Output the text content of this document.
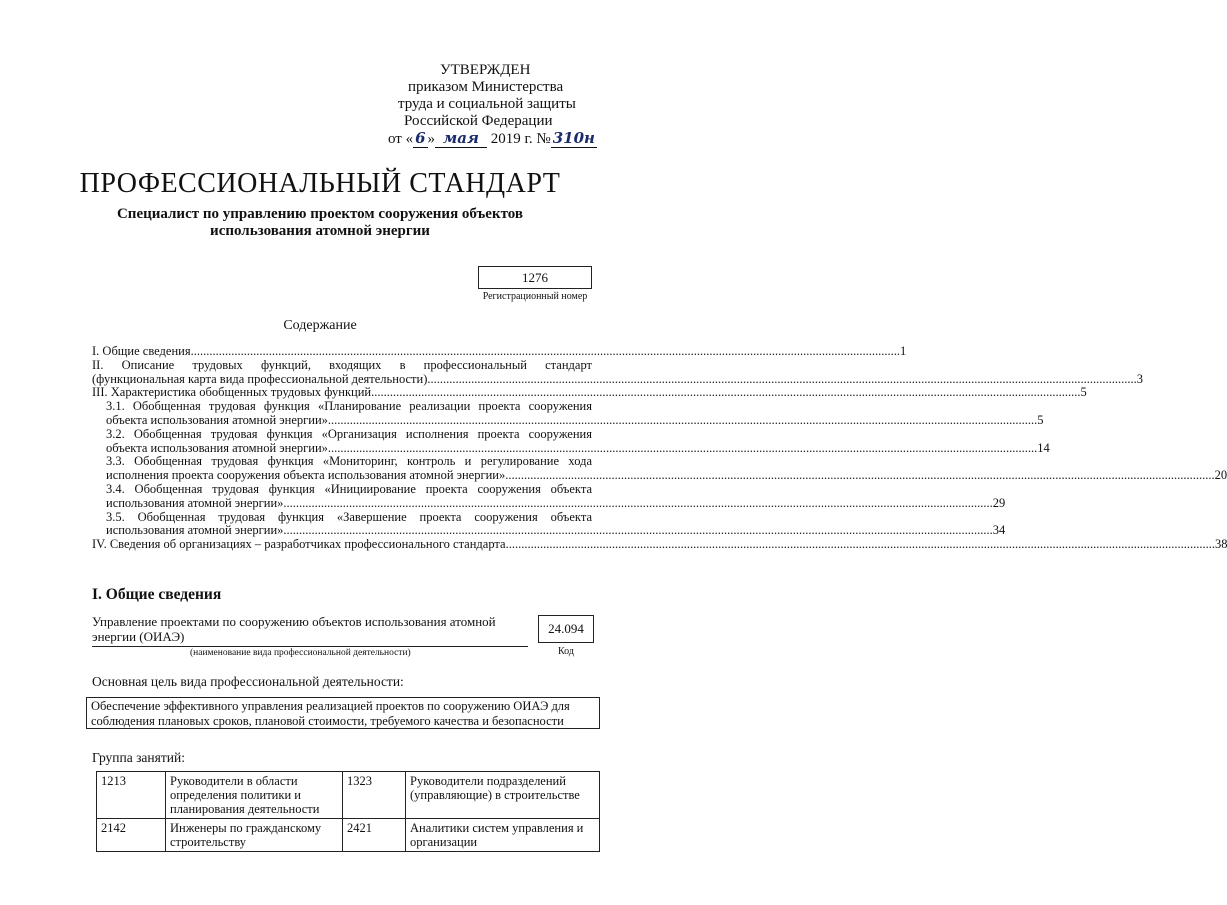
УТВЕРЖДЕН
приказом Министерства
труда и социальной защиты
Российской Федерации
от « 6 » мая 2019 г. № 310н
ПРОФЕССИОНАЛЬНЫЙ СТАНДАРТ
Специалист по управлению проектом сооружения объектов использования атомной энергии
1276
Регистрационный номер
Содержание
I. Общие сведения .....	1
II. Описание трудовых функций, входящих в профессиональный стандарт
(функциональная карта вида профессиональной деятельности) .....	3
III. Характеристика обобщенных трудовых функций .....	5
3.1. Обобщенная трудовая функция «Планирование реализации проекта сооружения
объекта использования атомной энергии» .....	5
3.2. Обобщенная трудовая функция «Организация исполнения проекта сооружения
объекта использования атомной энергии» .....	14
3.3. Обобщенная трудовая функция «Мониторинг, контроль и регулирование хода
исполнения проекта сооружения объекта использования атомной энергии» .....	20
3.4. Обобщенная трудовая функция «Инициирование проекта сооружения объекта
использования атомной энергии» .....	29
3.5. Обобщенная трудовая функция «Завершение проекта сооружения объекта
использования атомной энергии» .....	34
IV. Сведения об организациях – разработчиках профессионального стандарта .....	38
I. Общие сведения
Управление проектами по сооружению объектов использования атомной энергии (ОИАЭ)
(наименование вида профессиональной деятельности)
24.094
Код
Основная цель вида профессиональной деятельности:
Обеспечение эффективного управления реализацией проектов по сооружению ОИАЭ для соблюдения плановых сроков, плановой стоимости, требуемого качества и безопасности
Группа занятий:
1213	Руководители в области определения политики и планирования деятельности	1323	Руководители подразделений (управляющие) в строительстве
2142	Инженеры по гражданскому строительству	2421	Аналитики систем управления и организации
